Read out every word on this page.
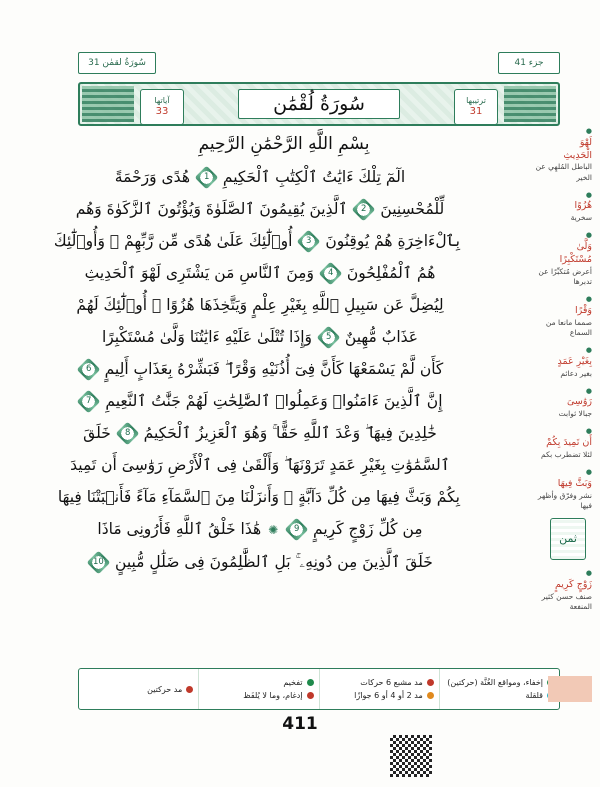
سُورَةُ لقمٰن 31	جزء 41
ترتيبها
31
سُورَةُ لُقْمَٰن
آياتها
33
بِسْمِ اللَّهِ الرَّحْمَٰنِ الرَّحِيمِ
الٓمٓ تِلْكَ ءَايَٰتُ ٱلْكِتَٰبِ ٱلْحَكِيمِ 1 هُدًى وَرَحْمَةً
لِّلْمُحْسِنِينَ 2 ٱلَّذِينَ يُقِيمُونَ ٱلصَّلَوٰةَ وَيُؤْتُونَ ٱلزَّكَوٰةَ وَهُم
بِٱلْءَاخِرَةِ هُمْ يُوقِنُونَ 3 أُو۟لَٰٓئِكَ عَلَىٰ هُدًى مِّن رَّبِّهِمْ ۖ وَأُو۟لَٰٓئِكَ
هُمُ ٱلْمُفْلِحُونَ 4 وَمِنَ ٱلنَّاسِ مَن يَشْتَرِى لَهْوَ ٱلْحَدِيثِ
لِيُضِلَّ عَن سَبِيلِ ٱللَّهِ بِغَيْرِ عِلْمٍ وَيَتَّخِذَهَا هُزُوًا ۚ أُو۟لَٰٓئِكَ لَهُمْ
عَذَابٌ مُّهِينٌ 5 وَإِذَا تُتْلَىٰ عَلَيْهِ ءَايَٰتُنَا وَلَّىٰ مُسْتَكْبِرًا
كَأَن لَّمْ يَسْمَعْهَا كَأَنَّ فِىٓ أُذُنَيْهِ وَقْرًا ۖ فَبَشِّرْهُ بِعَذَابٍ أَلِيمٍ 6
إِنَّ ٱلَّذِينَ ءَامَنُوا۟ وَعَمِلُوا۟ ٱلصَّٰلِحَٰتِ لَهُمْ جَنَّٰتُ ٱلنَّعِيمِ 7
خَٰلِدِينَ فِيهَا ۖ وَعْدَ ٱللَّهِ حَقًّا ۚ وَهُوَ ٱلْعَزِيزُ ٱلْحَكِيمُ 8 خَلَقَ
ٱلسَّمَٰوَٰتِ بِغَيْرِ عَمَدٍ تَرَوْنَهَا ۖ وَأَلْقَىٰ فِى ٱلْأَرْضِ رَوَٰسِىَ أَن تَمِيدَ
بِكُمْ وَبَثَّ فِيهَا مِن كُلِّ دَآبَّةٍ ۚ وَأَنزَلْنَا مِنَ ٱلسَّمَآءِ مَآءً فَأَنۢبَتْنَا فِيهَا
مِن كُلِّ زَوْجٍ كَرِيمٍ 9 ✺ هَٰذَا خَلْقُ ٱللَّهِ فَأَرُونِى مَاذَا
خَلَقَ ٱلَّذِينَ مِن دُونِهِۦ ۚ بَلِ ٱلظَّٰلِمُونَ فِى ضَلَٰلٍ مُّبِينٍ 10
●
لَهْوَ
الْحَدِيثِ
الباطل المُلهِي عن الخير
●
هُزُوًا
سخرية
●
وَلَّىٰ
مُسْتَكْبِرًا
أعرض مُتكبِّرًا عن تدبرها
●
وَقْرًا
صمما مانعا من السماع
●
بِغَيْرِ عَمَدٍ
بغير دعائم
●
رَوَٰسِىَ
جبالا ثوابت
●
أَن تَمِيدَ بِكُمْ
لئلا تضطرب بكم
●
وَبَثَّ فِيهَا
نشر وفرّق وأظهر فيها
ثمن
●
زَوْجٍ كَرِيمٍ
صنف حسن كثير المنفعة
إخفاء، ومواقع الغُنَّة (حركتين)
قلقلة
مد مشبع 6 حركات
مد 2 أو 4 أو 6 جوازًا
تفخيم
إدغام، وما لا يُلفَظ
مد حركتين
411
